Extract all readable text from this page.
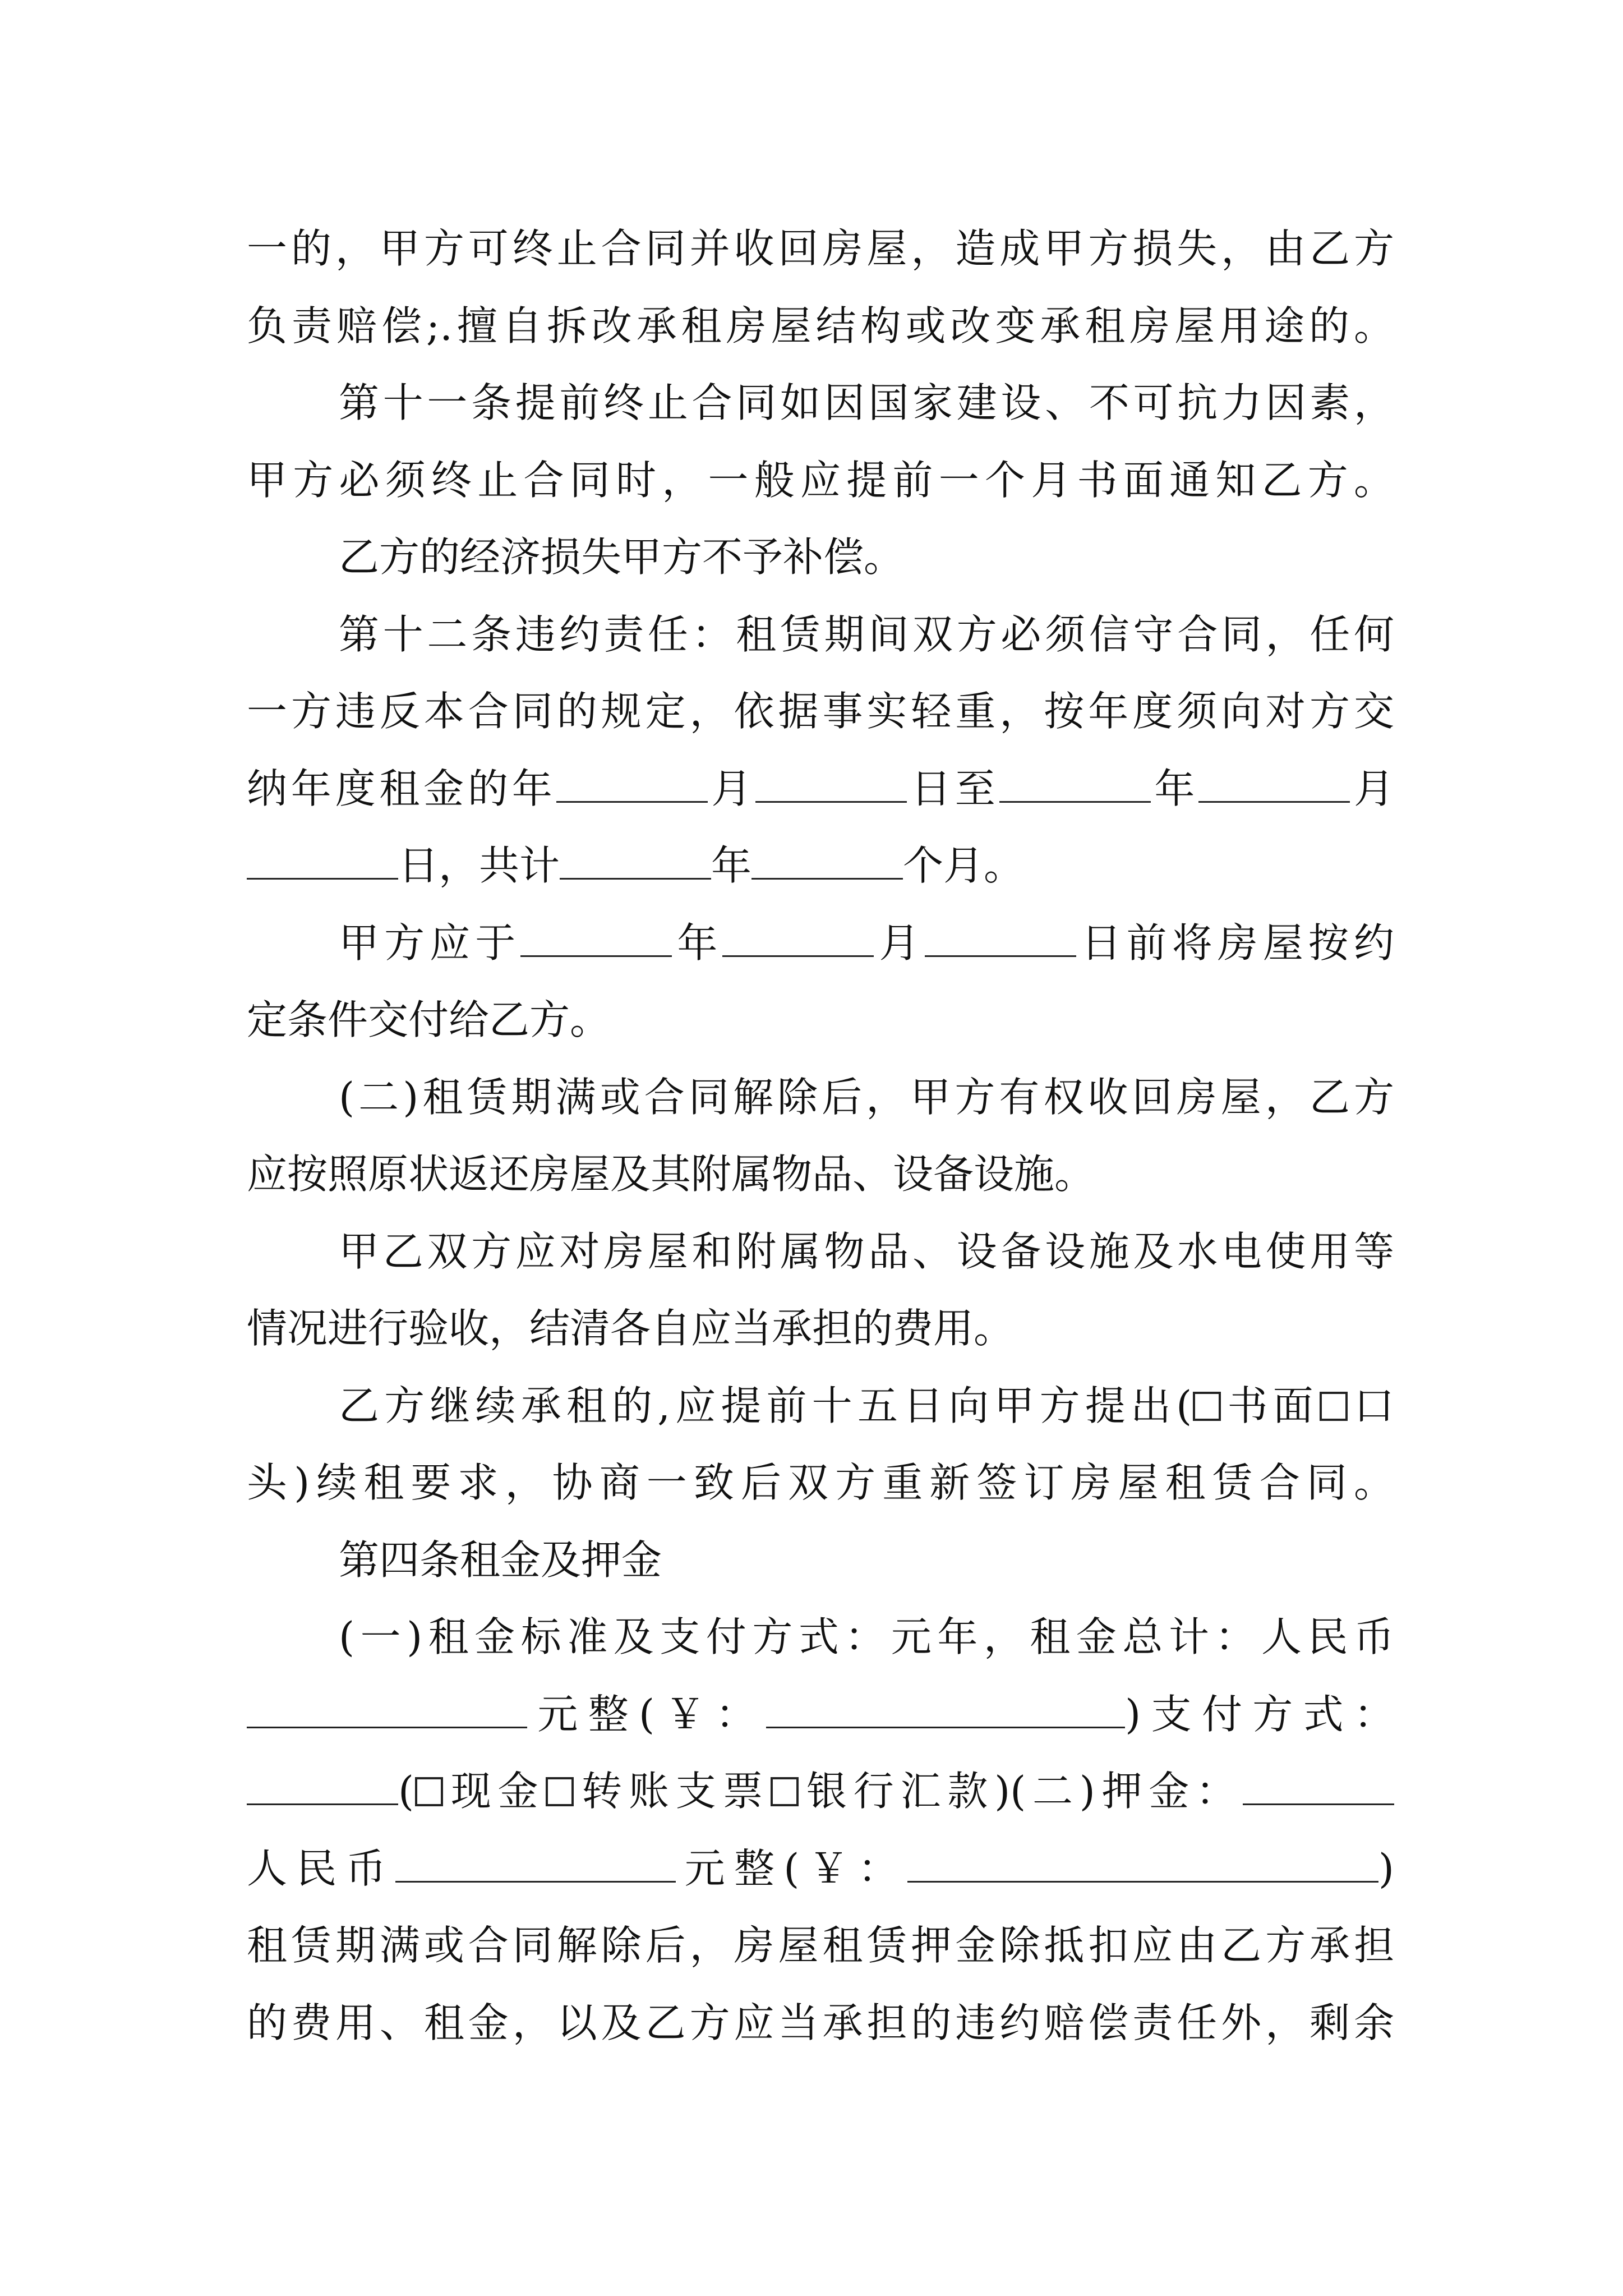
一的，甲方可终止合同并收回房屋，造成甲方损失，由乙方
负责赔偿;.擅自拆改承租房屋结构或改变承租房屋用途的。
第十一条提前终止合同如因国家建设、不可抗力因素，
甲方必须终止合同时，一般应提前一个月书面通知乙方。
乙方的经济损失甲方不予补偿。
第十二条违约责任：租赁期间双方必须信守合同，任何
一方违反本合同的规定，依据事实轻重，按年度须向对方交
纳年度租金的年	月	日至	年	月
日，共计	年	个月。
甲方应于	年	月	日前将房屋按约
定条件交付给乙方。
(二)租赁期满或合同解除后，甲方有权收回房屋，乙方
应按照原状返还房屋及其附属物品、设备设施。
甲乙双方应对房屋和附属物品、设备设施及水电使用等
情况进行验收，结清各自应当承担的费用。
乙方继续承租的,应提前十五日向甲方提出( 书面 口
头)续租要求，协商一致后双方重新签订房屋租赁合同。
第四条租金及押金
(一)租金标准及支付方式：元年，租金总计：人民币
元整(￥：	)支付方式：
( 现金 转账支票 银行汇款)(二)押金：
人民币	元整(￥：	)
租赁期满或合同解除后，房屋租赁押金除抵扣应由乙方承担
的费用、租金，以及乙方应当承担的违约赔偿责任外，剩余
